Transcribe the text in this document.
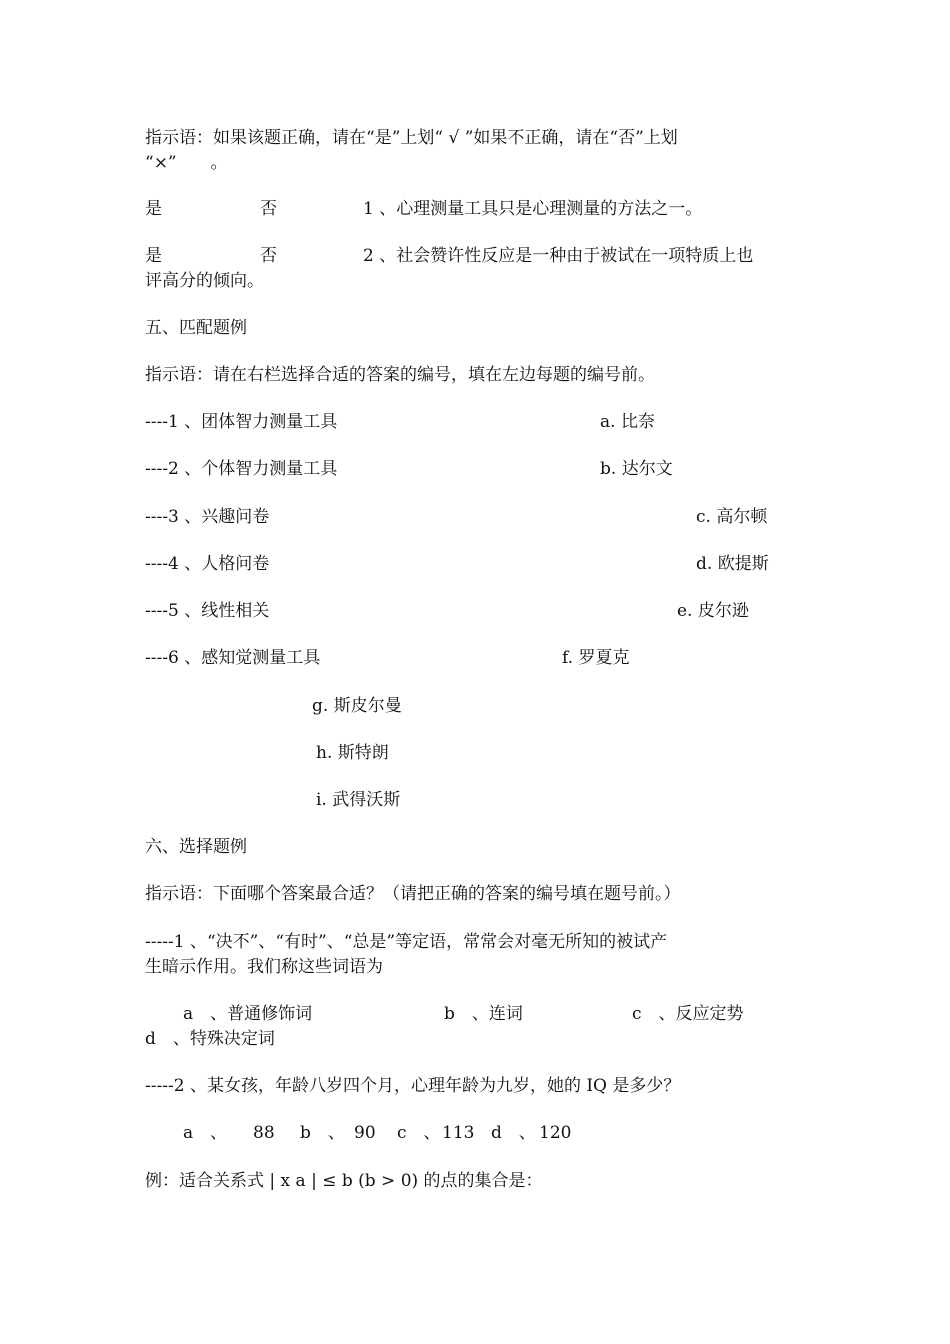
指示语：如果该题正确，请在“是”上划“ √ ”如果不正确，请在“否”上划
“×”　　。
是	否	1 、心理测量工具只是心理测量的方法之一。
是	否	2 、社会赞许性反应是一种由于被试在一项特质上也
评高分的倾向。
五、匹配题例
指示语：请在右栏选择合适的答案的编号，填在左边每题的编号前。
----1 、团体智力测量工具	a. 比奈
----2 、个体智力测量工具	b. 达尔文
----3 、兴趣问卷	c. 高尔顿
----4 、人格问卷	d. 欧提斯
----5 、线性相关	e. 皮尔逊
----6 、感知觉测量工具	f. 罗夏克
g. 斯皮尔曼
h. 斯特朗
i. 武得沃斯
六、选择题例
指示语：下面哪个答案最合适？（请把正确的答案的编号填在题号前。）
-----1 、“决不”、“有时”、“总是”等定语，常常会对毫无所知的被试产
生暗示作用。我们称这些词语为
a　、普通修饰词	b　、连词	c　、反应定势
d　、特殊决定词
-----2 、某女孩，年龄八岁四个月，心理年龄为九岁，她的 IQ 是多少？
a　、 88 b　、 90 c　、 113 d　、 120
例：适合关系式 | x a | ≤ b (b > 0) 的点的集合是：
